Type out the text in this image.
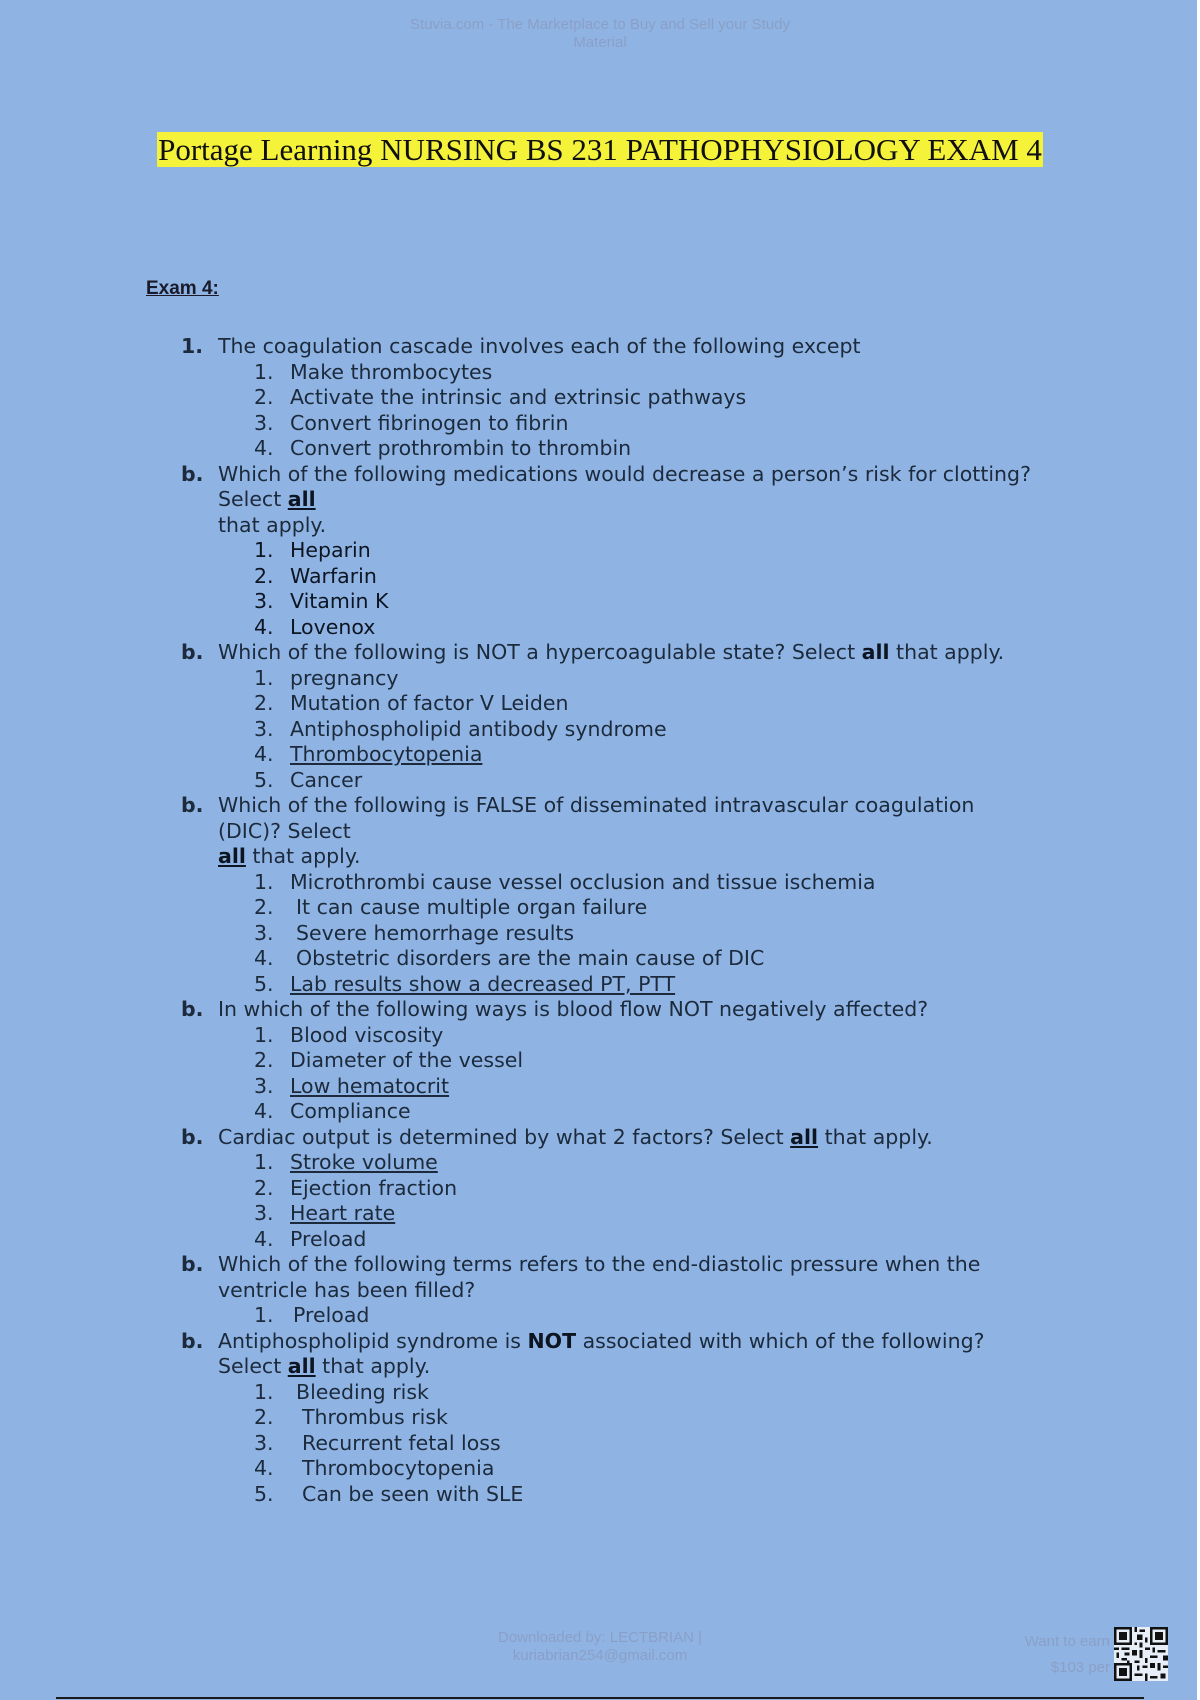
Stuvia.com - The Marketplace to Buy and Sell your Study
Material
Portage Learning NURSING BS 231 PATHOPHYSIOLOGY EXAM 4
Exam 4:
1. The coagulation cascade involves each of the following except
1. Make thrombocytes
2. Activate the intrinsic and extrinsic pathways
3. Convert fibrinogen to fibrin
4. Convert prothrombin to thrombin
b. Which of the following medications would decrease a person’s risk for clotting?
Select all
that apply.
1. Heparin
2. Warfarin
3. Vitamin K
4. Lovenox
b. Which of the following is NOT a hypercoagulable state? Select all that apply.
1. pregnancy
2. Mutation of factor V Leiden
3. Antiphospholipid antibody syndrome
4. Thrombocytopenia
5. Cancer
b. Which of the following is FALSE of disseminated intravascular coagulation
(DIC)? Select
all that apply.
1. Microthrombi cause vessel occlusion and tissue ischemia
2. It can cause multiple organ failure
3. Severe hemorrhage results
4. Obstetric disorders are the main cause of DIC
5. Lab results show a decreased PT, PTT
b. In which of the following ways is blood flow NOT negatively affected?
1. Blood viscosity
2. Diameter of the vessel
3. Low hematocrit
4. Compliance
b. Cardiac output is determined by what 2 factors? Select all that apply.
1. Stroke volume
2. Ejection fraction
3. Heart rate
4. Preload
b. Which of the following terms refers to the end-diastolic pressure when the
ventricle has been filled?
1. Preload
b. Antiphospholipid syndrome is NOT associated with which of the following?
Select all that apply.
1. Bleeding risk
2. Thrombus risk
3. Recurrent fetal loss
4. Thrombocytopenia
5. Can be seen with SLE
Downloaded by: LECTBRIAN |
kuriabrian254@gmail.com
Want to earn
$103 per
